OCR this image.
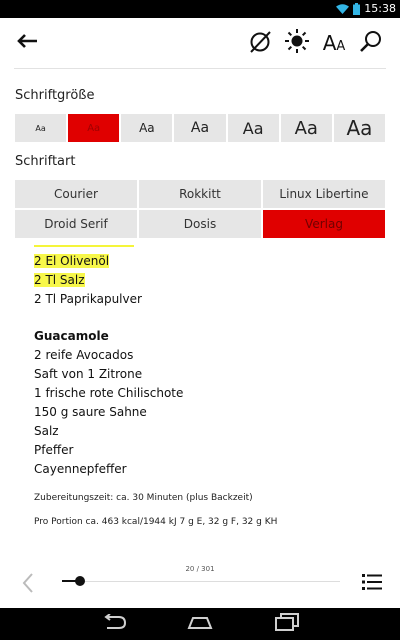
15:38
AA
Schriftgröße
Aa	Aa	Aa	Aa	Aa	Aa	Aa
Schriftart
Courier	Rokkitt	Linux Libertine
Droid Serif	Dosis	Verlag
2 El Olivenöl
2 Tl Salz
2 Tl Paprikapulver
Guacamole
2 reife Avocados
Saft von 1 Zitrone
1 frische rote Chilischote
150 g saure Sahne
Salz
Pfeffer
Cayennepfeffer
Zubereitungszeit: ca. 30 Minuten (plus Backzeit)
Pro Portion ca. 463 kcal/1944 kJ 7 g E, 32 g F, 32 g KH
20 / 301
